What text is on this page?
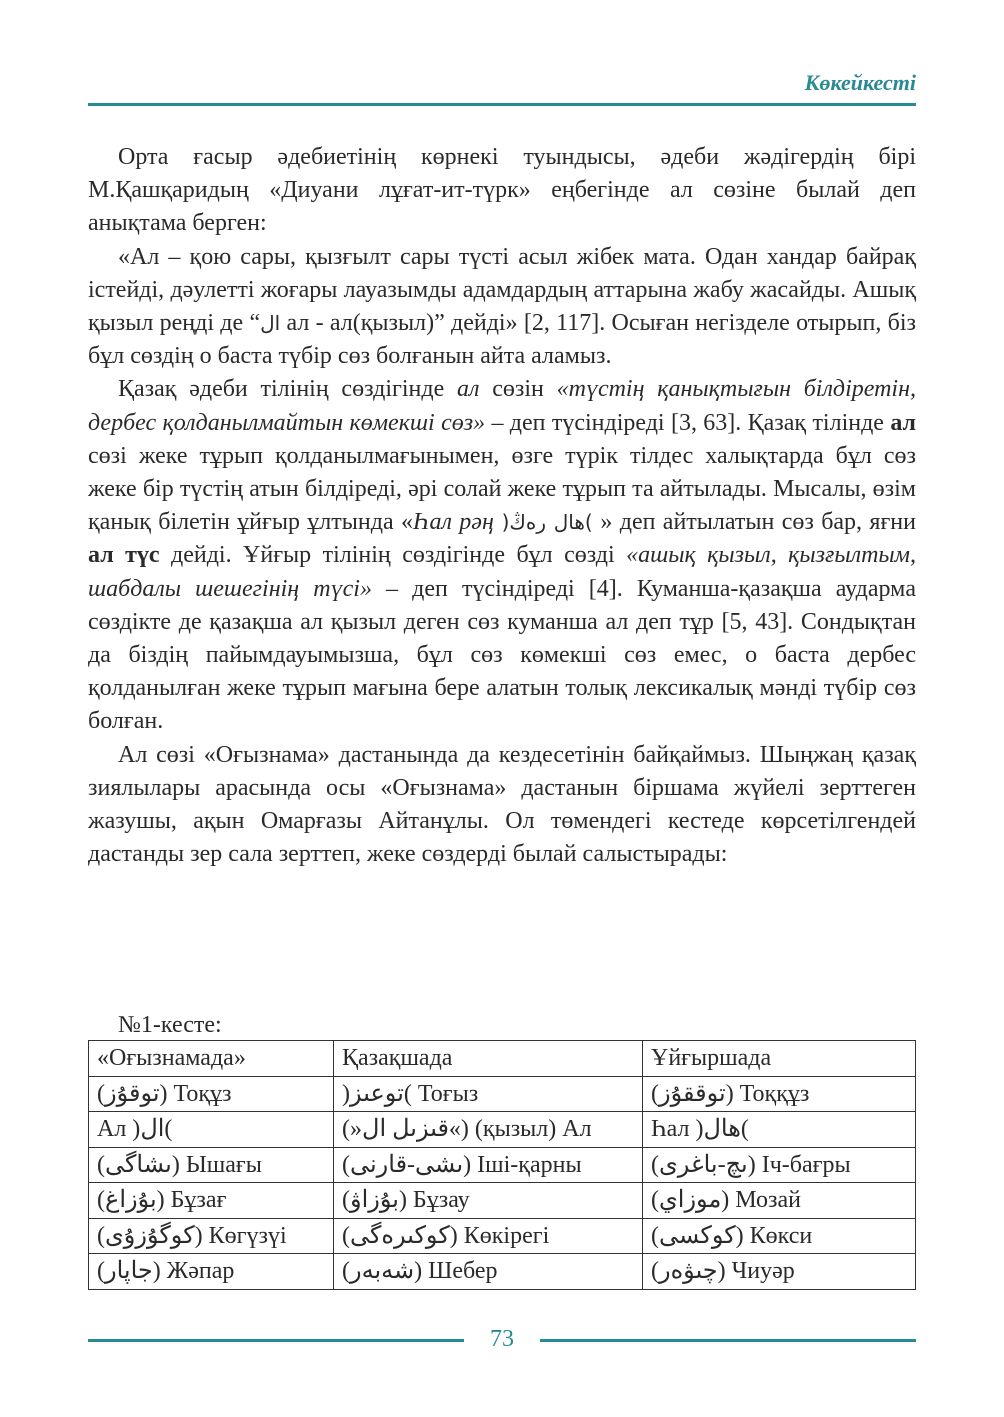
Көкейкесті

Орта ғасыр әдебиетінің көрнекі туындысы, әдеби жәдігердің бірі М.Қашқаридың «Диуани лұғат-ит-түрк» еңбегінде ал сөзіне былай деп анықтама берген:

«Ал – қою сары, қызғылт сары түсті асыл жібек мата. Одан хандар байрақ істейді, дәулетті жоғары лауазымды адамдардың аттарына жабу жасайды. Ашық қызыл реңді де “ال ал - ал(қызыл)” дейді» [2, 117]. Осыған негізделе отырып, біз бұл сөздің о баста түбір сөз болғанын айта аламыз.

Қазақ әдеби тілінің сөздігінде ал сөзін «түстің қанықтығын білдіретін, дербес қолданылмайтын көмекші сөз» – деп түсіндіреді [3, 63]. Қазақ тілінде ал сөзі жеке тұрып қолданылмағынымен, өзге түрік тілдес халықтарда бұл сөз жеке бір түстің атын білдіреді, әрі солай жеке тұрып та айтылады. Мысалы, өзім қанық білетін ұйғыр ұлтында «Һал рәң )ھال رەڭ( » деп айтылатын сөз бар, яғни ал түс дейді. Ұйғыр тілінің сөздігінде бұл сөзді «ашық қызыл, қызғылтым, шабдалы шешегінің түсі» – деп түсіндіреді [4]. Куманша-қазақша аудармa сөздікте де қазақша ал қызыл деген сөз куманша ал деп тұр [5, 43]. Сондықтан да біздің пайымдауымызша, бұл сөз көмекші сөз емес, о баста дербес қолданылған жеке тұрып мағына бере алатын толық лексикалық мәнді түбір сөз болған.

Ал сөзі «Оғызнама» дастанында да кездесетінін байқаймыз. Шыңжаң қазақ зиялылары арасында осы «Оғызнама» дастанын біршама жүйелі зерттеген жазушы, ақын Омарғазы Айтанұлы. Ол төмендегі кестеде көрсетілгендей дастанды зер сала зерттеп, жеке сөздерді былай салыстырады:

№1-кесте:
«Оғызнамада»	Қазақшада	Ұйғыршада
(توقۇز) Тоқұз	)توعىز( Тоғыз	(توققۇز) Тоққұз
Ал )ال(	(»قىزىل ال«) (қызыл) Ал	Һал )ھال(
(ىشاگى) Ышағы	(ىشى-قارنى) Іші-қарны	(ىچ-باغرى) Іч-бағры
(بۇزاغ) Бұзағ	(بۇزاۋ) Бұзау	(موزاي) Мозай
(كوگۇزۇى) Көгүзүі	(كوكىرەگى) Көкірегі	(كوكسى) Көкси
(جاپار) Жәпар	(شەبەر) Шебер	(چىۋەر) Чиуәр
73
